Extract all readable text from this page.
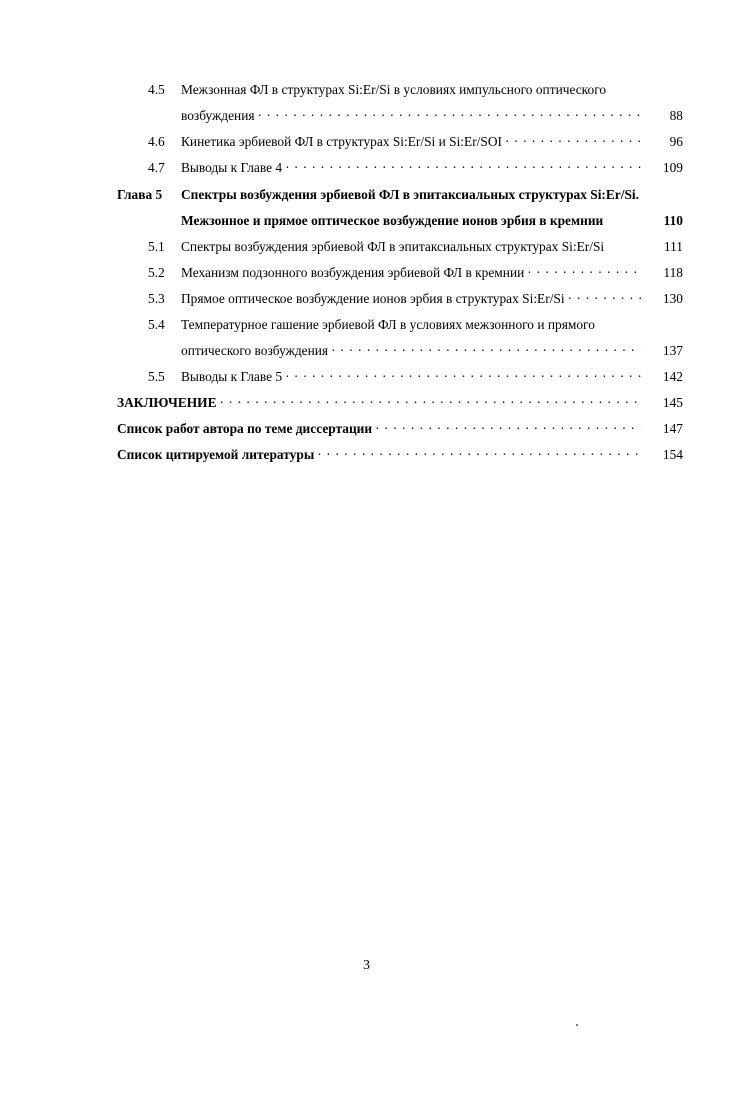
4.5 Межзонная ФЛ в структурах Si:Er/Si в условиях импульсного оптического
возбуждения · · ·	88
4.6 Кинетика эрбиевой ФЛ в структурах Si:Er/Si и Si:Er/SOI · · ·	96
4.7 Выводы к Главе 4 · · ·	109
Глава 5 Спектры возбуждения эрбиевой ФЛ в эпитаксиальных структурах Si:Er/Si.
Межзонное и прямое оптическое возбуждение ионов эрбия в кремнии	110
5.1 Спектры возбуждения эрбиевой ФЛ в эпитаксиальных структурах Si:Er/Si	111
5.2 Механизм подзонного возбуждения эрбиевой ФЛ в кремнии · · ·	118
5.3 Прямое оптическое возбуждение ионов эрбия в структурах Si:Er/Si · · ·	130
5.4 Температурное гашение эрбиевой ФЛ в условиях межзонного и прямого
оптического возбуждения · · ·	137
5.5 Выводы к Главе 5 · · ·	142
ЗАКЛЮЧЕНИЕ · · ·	145
Список работ автора по теме диссертации · · ·	147
Список цитируемой литературы · · ·	154
3
